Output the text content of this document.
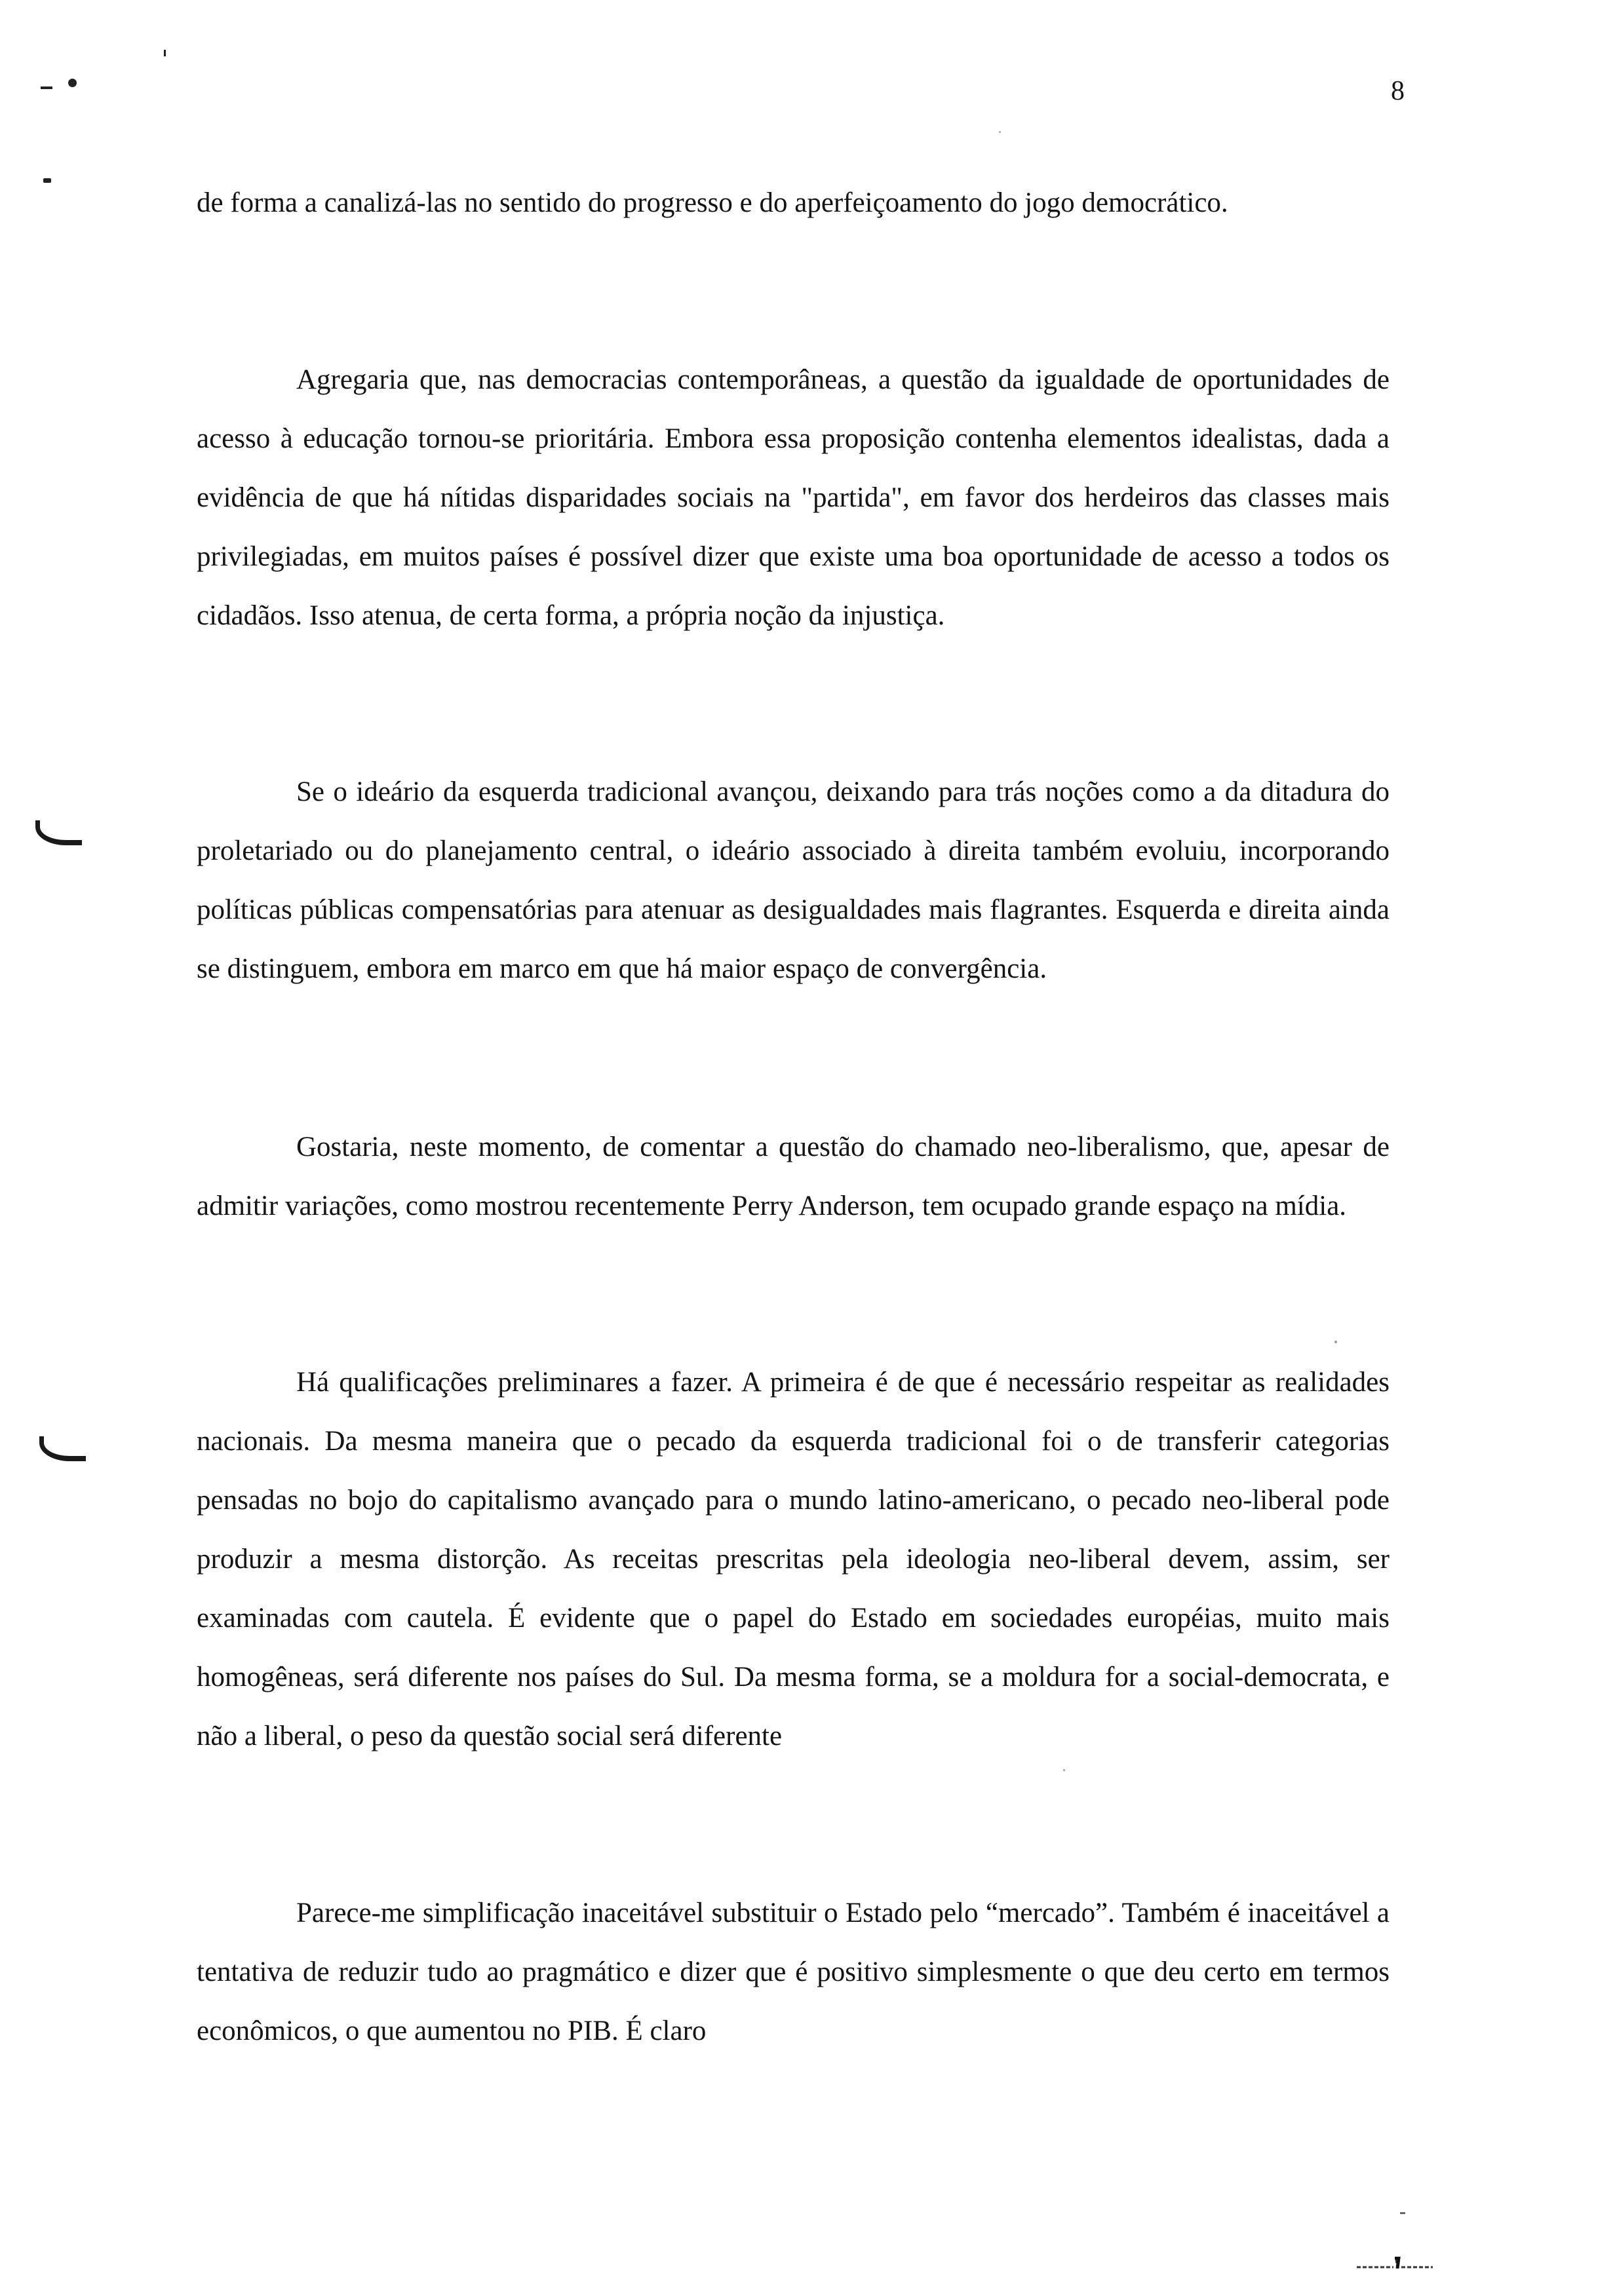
8

de forma a canalizá-las no sentido do progresso e do aperfeiçoamento do jogo democrático.

Agregaria que, nas democracias contemporâneas, a questão da igualdade de oportunidades de acesso à educação tornou-se prioritária. Embora essa proposição contenha elementos idealistas, dada a evidência de que há nítidas disparidades sociais na "partida", em favor dos herdeiros das classes mais privilegiadas, em muitos países é possível dizer que existe uma boa oportunidade de acesso a todos os cidadãos. Isso atenua, de certa forma, a própria noção da injustiça.

Se o ideário da esquerda tradicional avançou, deixando para trás noções como a da ditadura do proletariado ou do planejamento central, o ideário associado à direita também evoluiu, incorporando políticas públicas compensatórias para atenuar as desigualdades mais flagrantes. Esquerda e direita ainda se distinguem, embora em marco em que há maior espaço de convergência.

Gostaria, neste momento, de comentar a questão do chamado neo-liberalismo, que, apesar de admitir variações, como mostrou recentemente Perry Anderson, tem ocupado grande espaço na mídia.

Há qualificações preliminares a fazer. A primeira é de que é necessário respeitar as realidades nacionais. Da mesma maneira que o pecado da esquerda tradicional foi o de transferir categorias pensadas no bojo do capitalismo avançado para o mundo latino-americano, o pecado neo-liberal pode produzir a mesma distorção. As receitas prescritas pela ideologia neo-liberal devem, assim, ser examinadas com cautela. É evidente que o papel do Estado em sociedades européias, muito mais homogêneas, será diferente nos países do Sul. Da mesma forma, se a moldura for a social-democrata, e não a liberal, o peso da questão social será diferente

Parece-me simplificação inaceitável substituir o Estado pelo “mercado”. Também é inaceitável a tentativa de reduzir tudo ao pragmático e dizer que é positivo simplesmente o que deu certo em termos econômicos, o que aumentou no PIB. É claro
